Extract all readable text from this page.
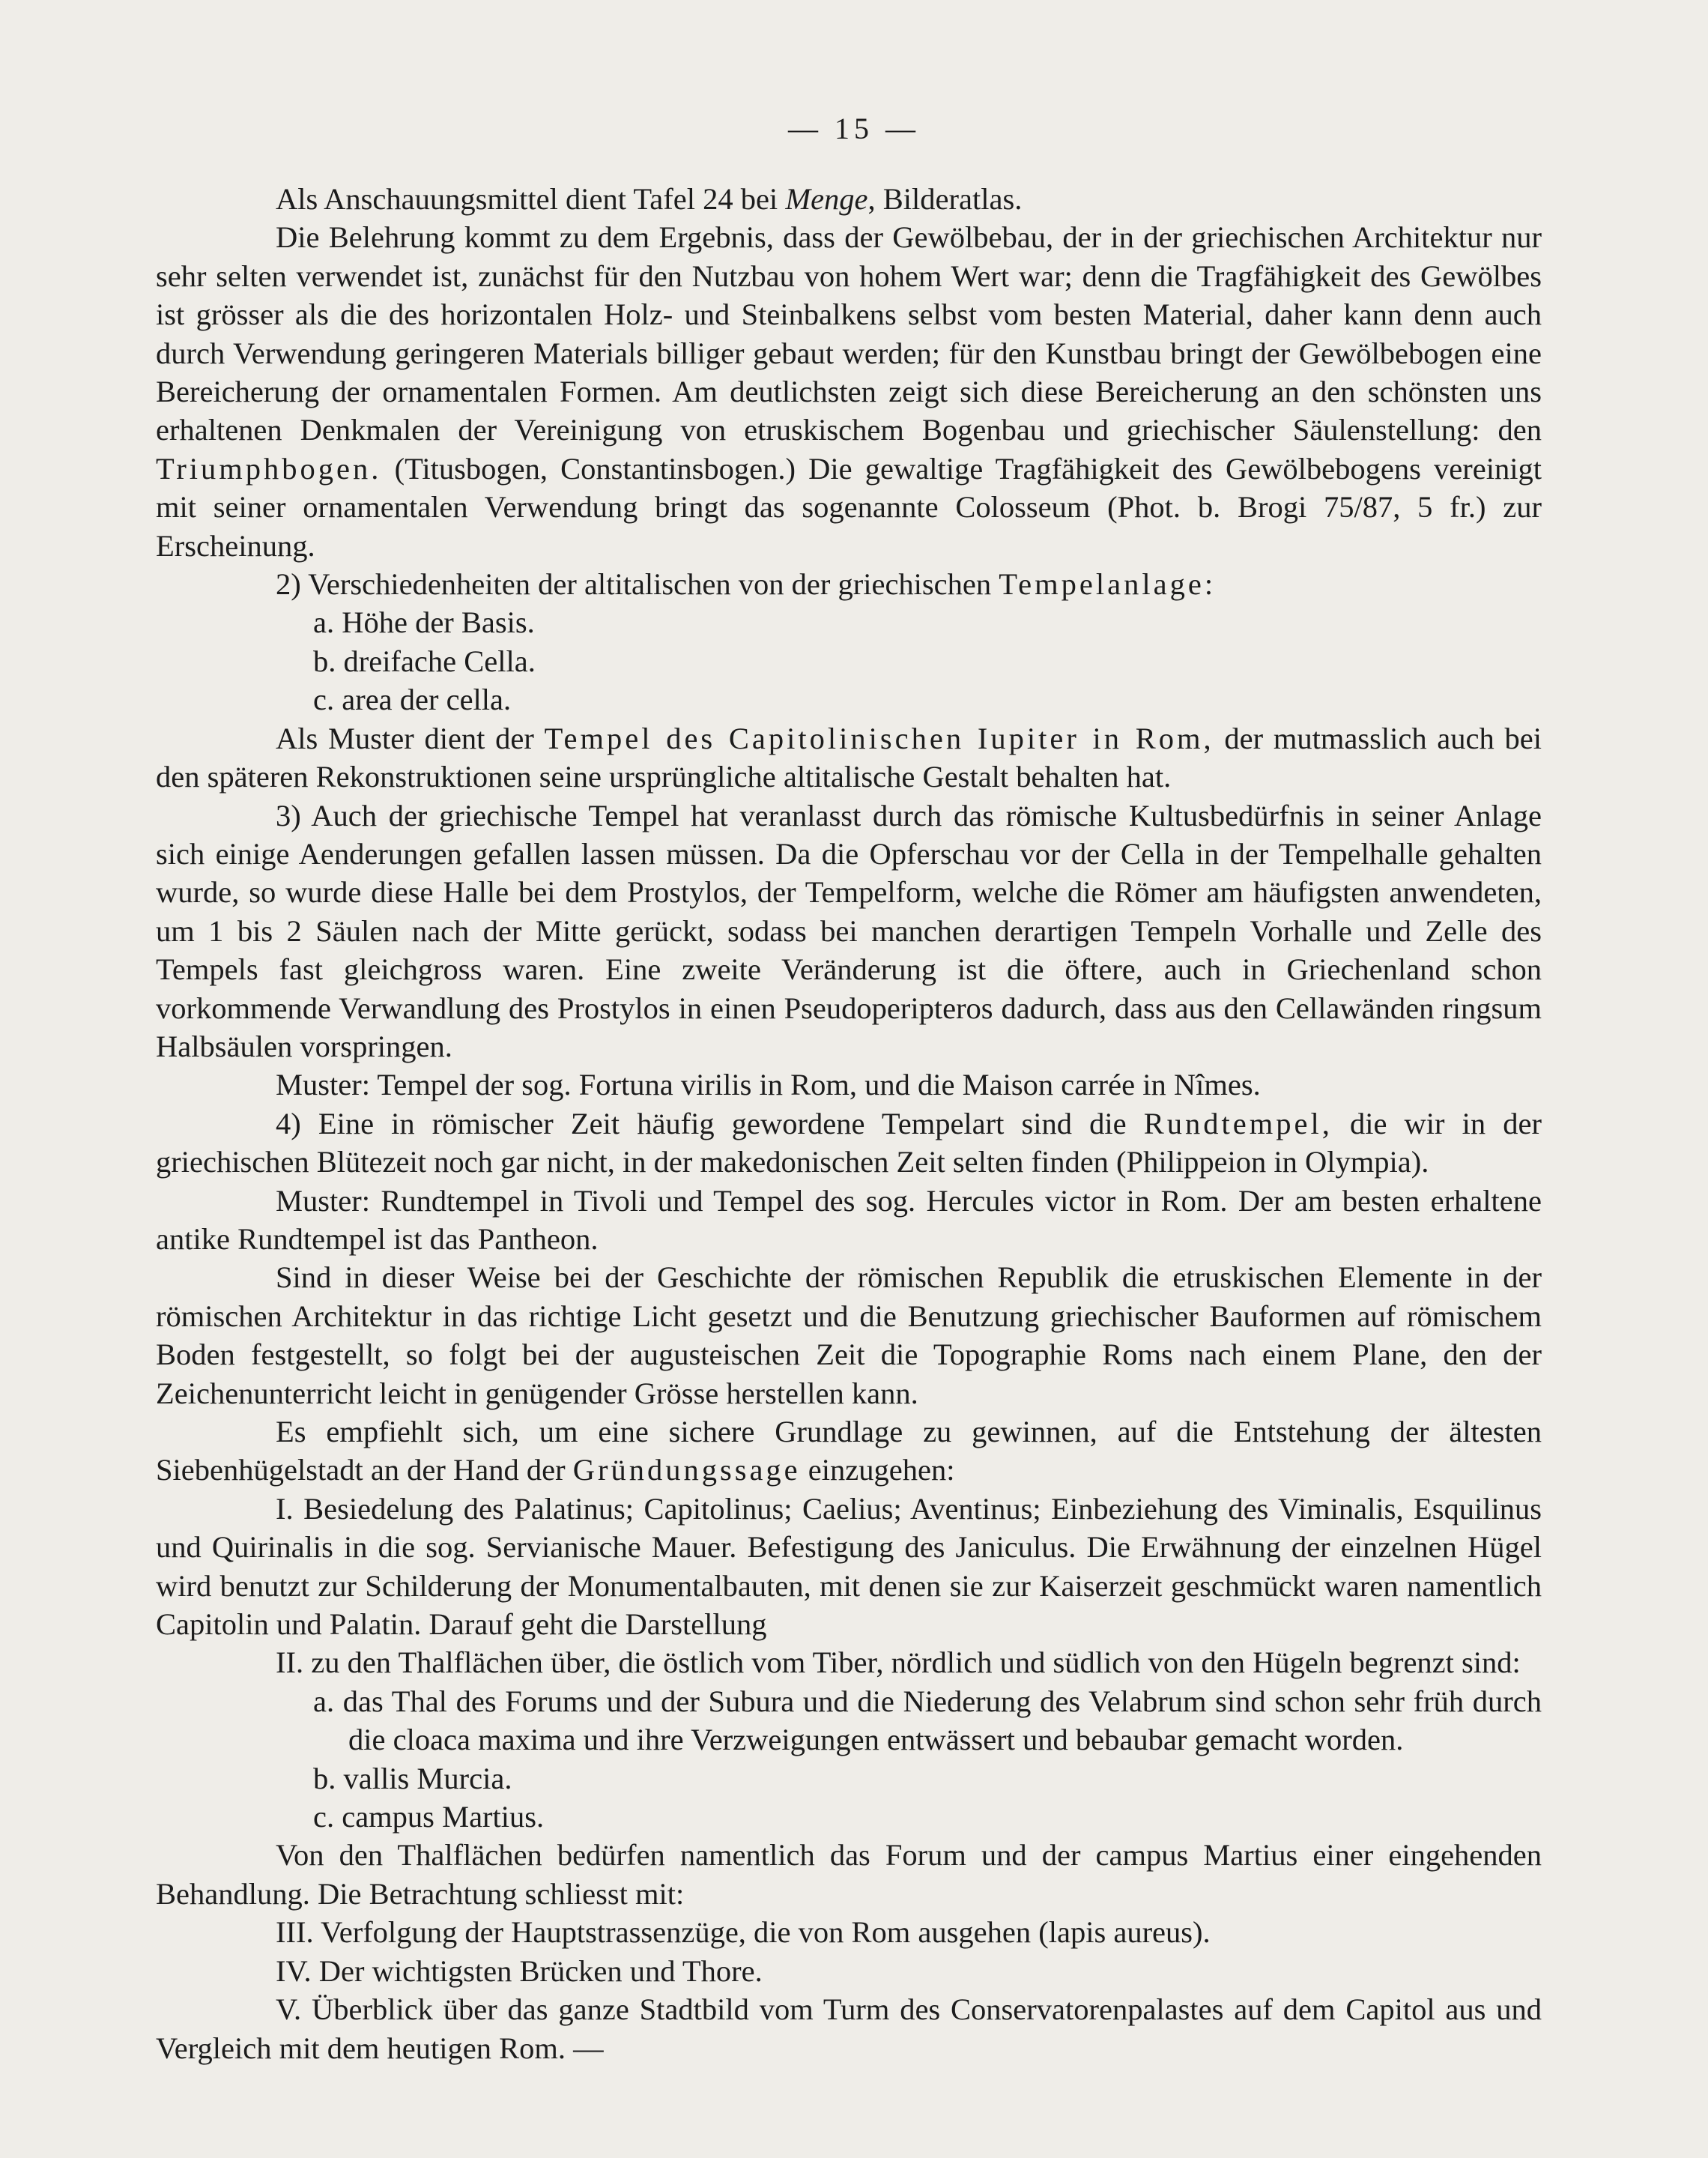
— 15 —

Als Anschauungsmittel dient Tafel 24 bei Menge, Bilderatlas.

Die Belehrung kommt zu dem Ergebnis, dass der Gewölbebau, der in der griechischen Architektur nur sehr selten verwendet ist, zunächst für den Nutzbau von hohem Wert war; denn die Tragfähigkeit des Gewölbes ist grösser als die des horizontalen Holz- und Steinbalkens selbst vom besten Material, daher kann denn auch durch Verwendung geringeren Materials billiger gebaut werden; für den Kunstbau bringt der Gewölbebogen eine Bereicherung der ornamentalen Formen. Am deutlichsten zeigt sich diese Bereicherung an den schönsten uns erhaltenen Denkmalen der Vereinigung von etruskischem Bogenbau und griechischer Säulenstellung: den Triumphbogen. (Titusbogen, Constantinsbogen.) Die gewaltige Tragfähigkeit des Gewölbebogens vereinigt mit seiner ornamentalen Verwendung bringt das sogenannte Colosseum (Phot. b. Brogi 75/87, 5 fr.) zur Erscheinung.

2) Verschiedenheiten der altitalischen von der griechischen Tempelanlage:

a. Höhe der Basis.

b. dreifache Cella.

c. area der cella.

Als Muster dient der Tempel des Capitolinischen Iupiter in Rom, der mutmasslich auch bei den späteren Rekonstruktionen seine ursprüngliche altitalische Gestalt behalten hat.

3) Auch der griechische Tempel hat veranlasst durch das römische Kultusbedürfnis in seiner Anlage sich einige Aenderungen gefallen lassen müssen. Da die Opferschau vor der Cella in der Tempelhalle gehalten wurde, so wurde diese Halle bei dem Prostylos, der Tempelform, welche die Römer am häufigsten anwendeten, um 1 bis 2 Säulen nach der Mitte gerückt, sodass bei manchen derartigen Tempeln Vorhalle und Zelle des Tempels fast gleichgross waren. Eine zweite Veränderung ist die öftere, auch in Griechenland schon vorkommende Verwandlung des Prostylos in einen Pseudoperipteros dadurch, dass aus den Cellawänden ringsum Halbsäulen vorspringen.

Muster: Tempel der sog. Fortuna virilis in Rom, und die Maison carrée in Nîmes.

4) Eine in römischer Zeit häufig gewordene Tempelart sind die Rundtempel, die wir in der griechischen Blütezeit noch gar nicht, in der makedonischen Zeit selten finden (Philippeion in Olympia).

Muster: Rundtempel in Tivoli und Tempel des sog. Hercules victor in Rom. Der am besten erhaltene antike Rundtempel ist das Pantheon.

Sind in dieser Weise bei der Geschichte der römischen Republik die etruskischen Elemente in der römischen Architektur in das richtige Licht gesetzt und die Benutzung griechischer Bauformen auf römischem Boden festgestellt, so folgt bei der augusteischen Zeit die Topographie Roms nach einem Plane, den der Zeichenunterricht leicht in genügender Grösse herstellen kann.

Es empfiehlt sich, um eine sichere Grundlage zu gewinnen, auf die Entstehung der ältesten Siebenhügelstadt an der Hand der Gründungssage einzugehen:

I. Besiedelung des Palatinus; Capitolinus; Caelius; Aventinus; Einbeziehung des Viminalis, Esquilinus und Quirinalis in die sog. Servianische Mauer. Befestigung des Janiculus. Die Erwähnung der einzelnen Hügel wird benutzt zur Schilderung der Monumentalbauten, mit denen sie zur Kaiserzeit geschmückt waren namentlich Capitolin und Palatin. Darauf geht die Darstellung

II. zu den Thalflächen über, die östlich vom Tiber, nördlich und südlich von den Hügeln begrenzt sind:

a. das Thal des Forums und der Subura und die Niederung des Velabrum sind schon sehr früh durch die cloaca maxima und ihre Verzweigungen entwässert und bebaubar gemacht worden.

b. vallis Murcia.

c. campus Martius.

Von den Thalflächen bedürfen namentlich das Forum und der campus Martius einer eingehenden Behandlung. Die Betrachtung schliesst mit:

III. Verfolgung der Hauptstrassenzüge, die von Rom ausgehen (lapis aureus).

IV. Der wichtigsten Brücken und Thore.

V. Überblick über das ganze Stadtbild vom Turm des Conservatorenpalastes auf dem Capitol aus und Vergleich mit dem heutigen Rom. —
